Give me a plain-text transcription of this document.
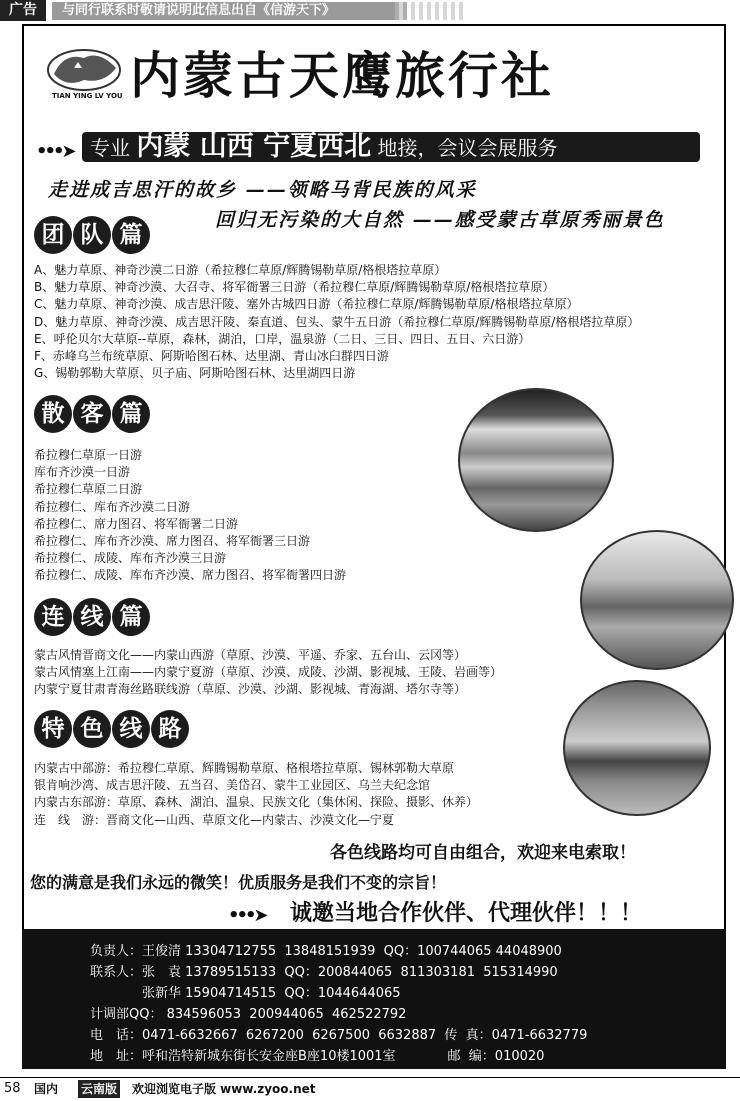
广告	与同行联系时敬请说明此信息出自《信游天下》
TIAN YING LV YOU 内蒙古天鹰旅行社
•••➤ 专业 内蒙 山西 宁夏西北 地接，会议会展服务
走进成吉思汗的故乡 ——领略马背民族的风采
回归无污染的大自然 ——感受蒙古草原秀丽景色
团 队 篇
A、魅力草原、神奇沙漠二日游（希拉穆仁草原/辉腾锡勒草原/格根塔拉草原）
B、魅力草原、神奇沙漠、大召寺、将军衙署三日游（希拉穆仁草原/辉腾锡勒草原/格根塔拉草原）
C、魅力草原、神奇沙漠、成吉思汗陵、塞外古城四日游（希拉穆仁草原/辉腾锡勒草原/格根塔拉草原）
D、魅力草原、神奇沙漠、成吉思汗陵、秦直道、包头、蒙牛五日游（希拉穆仁草原/辉腾锡勒草原/格根塔拉草原）
E、呼伦贝尔大草原--草原，森林，湖泊，口岸，温泉游（二日、三日、四日、五日、六日游）
F、赤峰乌兰布统草原、阿斯哈图石林、达里湖、青山冰臼群四日游
G、锡勒郭勒大草原、贝子庙、阿斯哈图石林、达里湖四日游
散 客 篇
希拉穆仁草原一日游
库布齐沙漠一日游
希拉穆仁草原二日游
希拉穆仁、库布齐沙漠二日游
希拉穆仁、席力图召、将军衙署二日游
希拉穆仁、库布齐沙漠、席力图召、将军衙署三日游
希拉穆仁、成陵、库布齐沙漠三日游
希拉穆仁、成陵、库布齐沙漠、席力图召、将军衙署四日游
连 线 篇
蒙古风情晋商文化——内蒙山西游（草原、沙漠、平遥、乔家、五台山、云冈等）
蒙古风情塞上江南——内蒙宁夏游（草原、沙漠、成陵、沙湖、影视城、王陵、岩画等）
内蒙宁夏甘肃青海丝路联线游（草原、沙漠、沙湖、影视城、青海湖、塔尔寺等）
特 色 线 路
内蒙古中部游：希拉穆仁草原、辉腾锡勒草原、格根塔拉草原、锡林郭勒大草原
银肯响沙湾、成吉思汗陵、五当召、美岱召、蒙牛工业园区、乌兰夫纪念馆
内蒙古东部游：草原、森林、湖泊、温泉、民族文化（集休闲、探险、摄影、休养）
连　线　游：晋商文化—山西、草原文化—内蒙古、沙漠文化—宁夏
各色线路均可自由组合，欢迎来电索取！
您的满意是我们永远的微笑！优质服务是我们不变的宗旨！
•••➤ 诚邀当地合作伙伴、代理伙伴！！！
负责人：王俊清 13304712755  13848151939  QQ：100744065 44048900
联系人：张　袁 13789515133  QQ：200844065  811303181  515314990
　　　　张新华 15904714515  QQ：1044644065
计调部QQ： 834596053  200944065  462522792
电　话：0471-6632667  6267200  6267500  6632887  传  真：0471-6632779
地　址：呼和浩特新城东街长安金座B座10楼1001室　　　　邮  编：010020
58 国内 云南版 欢迎浏览电子版 www.zyoo.net
